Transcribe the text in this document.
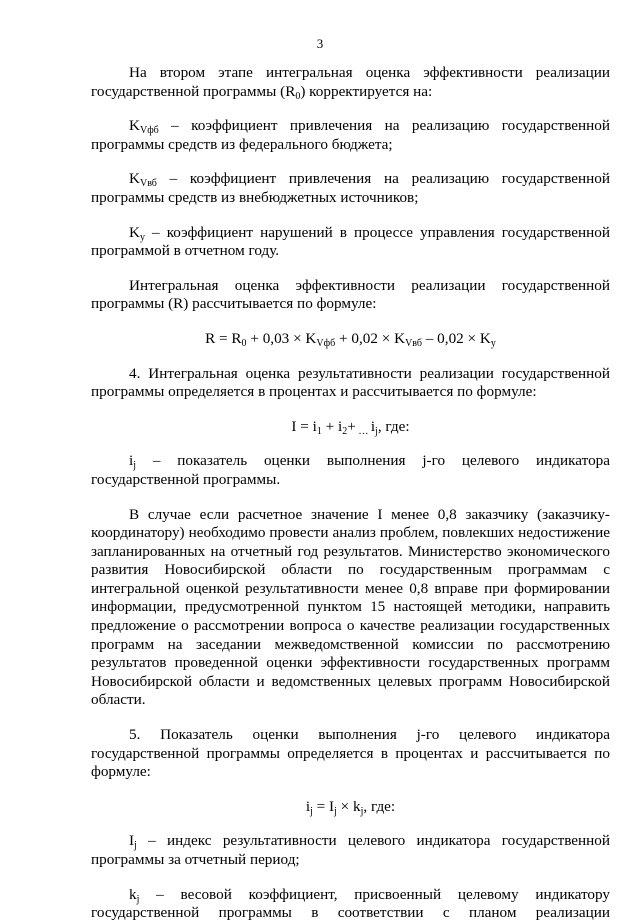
3

На втором этапе интегральная оценка эффективности реализации государственной программы $(R_0)$ корректируется на:

$K_{Vфб}$ – коэффициент привлечения на реализацию государственной программы средств из федерального бюджета;

$K_{Vвб}$ – коэффициент привлечения на реализацию государственной программы средств из внебюджетных источников;

$K_у$ – коэффициент нарушений в процессе управления государственной программой в отчетном году.

Интегральная оценка эффективности реализации государственной программы (R) рассчитывается по формуле:

$R = R_0 + 0,03 \times K_{Vфб} + 0,02 \times K_{Vвб} - 0,02 \times K_у$

4. Интегральная оценка результативности реализации государственной программы определяется в процентах и рассчитывается по формуле:

$I = i_1 + i_2+ _\dots$ $i_j$, где:

$i_j$ – показатель оценки выполнения j-го целевого индикатора государственной программы.

В случае если расчетное значение I менее 0,8 заказчику (заказчику-координатору) необходимо провести анализ проблем, повлекших недостижение запланированных на отчетный год результатов. Министерство экономического развития Новосибирской области по государственным программам с интегральной оценкой результативности менее 0,8 вправе при формировании информации, предусмотренной пунктом 15 настоящей методики, направить предложение о рассмотрении вопроса о качестве реализации государственных программ на заседании межведомственной комиссии по рассмотрению результатов проведенной оценки эффективности государственных программ Новосибирской области и ведомственных целевых программ Новосибирской области.

5. Показатель оценки выполнения j-го целевого индикатора государственной программы определяется в процентах и рассчитывается по формуле:

$i_j = I_j \times k_j$, где:

$I_j$ – индекс результативности целевого индикатора государственной программы за отчетный период;

$k_j$ – весовой коэффициент, присвоенный целевому индикатору государственной программы в соответствии с планом реализации
